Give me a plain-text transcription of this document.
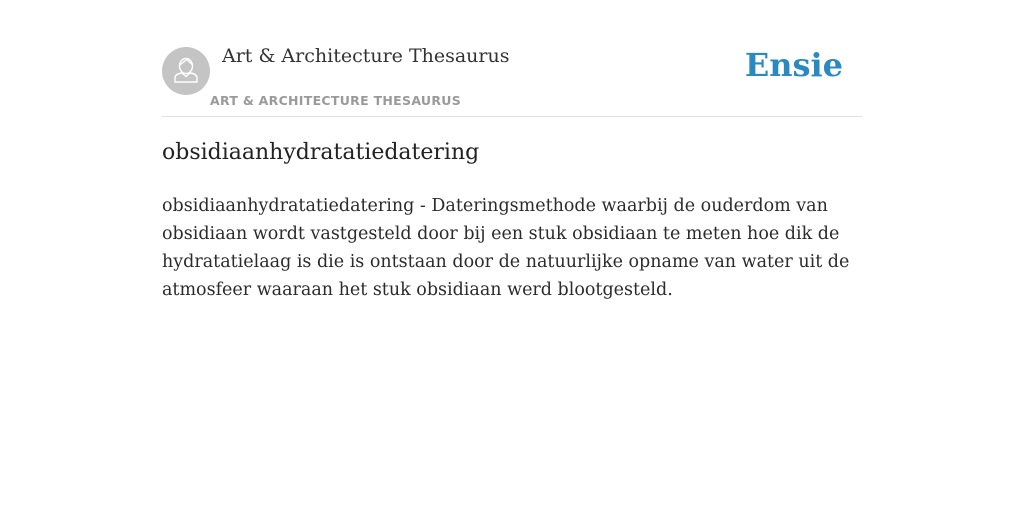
Art & Architecture Thesaurus
ART & ARCHITECTURE THESAURUS
Ensie
obsidiaanhydratatiedatering

obsidiaanhydratatiedatering - Dateringsmethode waarbij de ouderdom van obsidiaan wordt vastgesteld door bij een stuk obsidiaan te meten hoe dik de hydratatielaag is die is ontstaan door de natuurlijke opname van water uit de atmosfeer waaraan het stuk obsidiaan werd blootgesteld.
